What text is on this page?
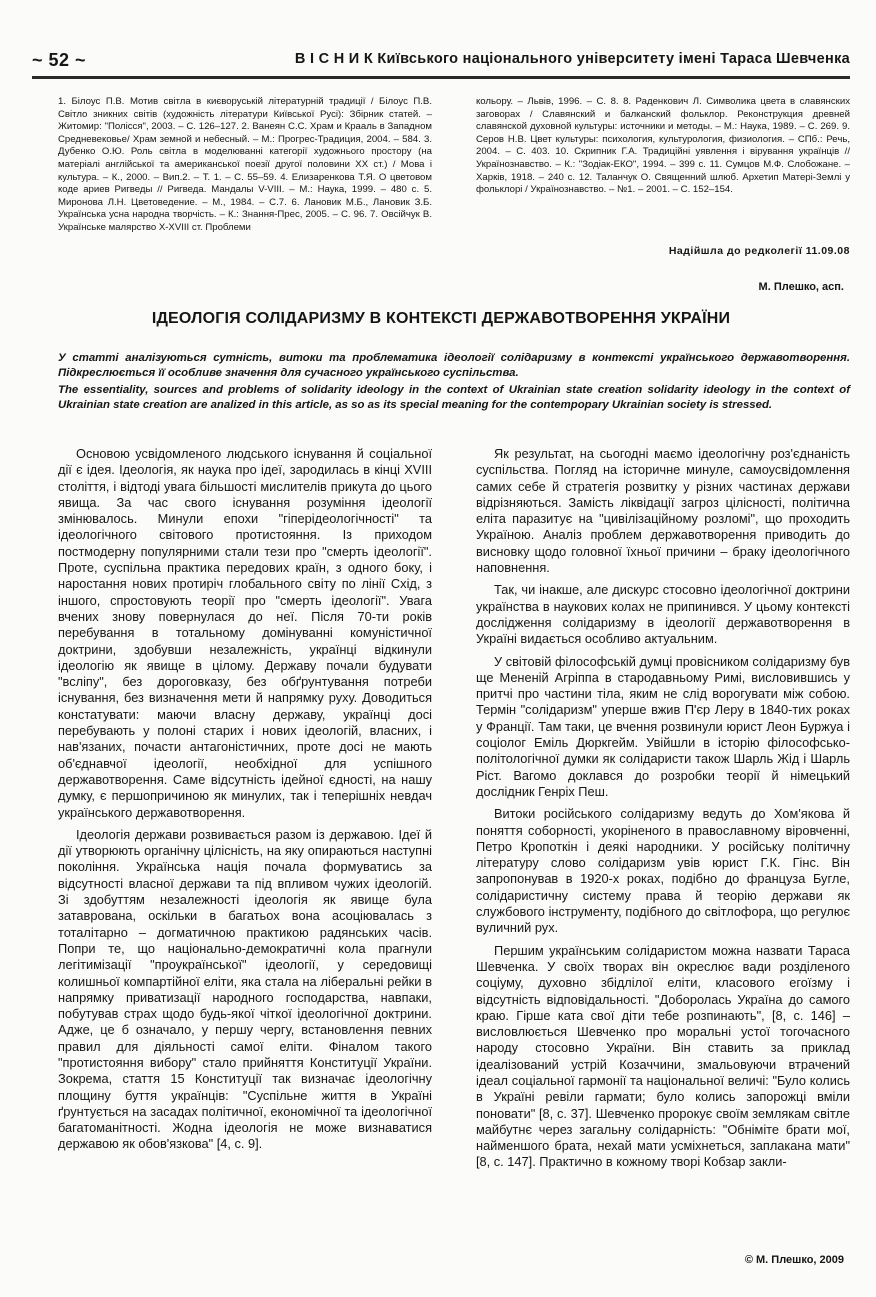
~ 52 ~	В І С Н И К Київського національного університету імені Тараса Шевченка

1. Білоус П.В. Мотив світла в києворуській літературній традиції / Білоус П.В. Світло зникних світів (художність літератури Київської Русі): Збірник статей. – Житомир: "Полісся", 2003. – С. 126–127. 2. Ванеян С.С. Храм и Крааль в Западном Средневековье/ Храм земной и небесный. – М.: Прогрес-Традиция, 2004. – 584. 3. Дубенко О.Ю. Роль світла в моделюванні категорії художнього простору (на матеріалі англійської та американської поезії другої половини ХХ ст.) / Мова і культура. – К., 2000. – Вип.2. – Т. 1. – С. 55–59. 4. Елизаренкова Т.Я. О цветовом коде ариев Ригведы // Ригведа. Мандалы V-VIII. – М.: Наука, 1999. – 480 с. 5. Миронова Л.Н. Цветоведение. – М., 1984. – С.7. 6. Лановик М.Б., Лановик З.Б. Українська усна народна творчість. – К.: Знання-Прес, 2005. – С. 96. 7. Овсійчук В. Українське малярство Х-XVIII ст. Проблеми

кольору. – Львів, 1996. – С. 8. 8. Раденкович Л. Символика цвета в славянских заговорах / Славянский и балканский фольклор. Реконструкция древней славянской духовной культуры: источники и методы. – М.: Наука, 1989. – С. 269. 9. Серов Н.В. Цвет культуры: психология, культурология, физиология. – СПб.: Речь, 2004. – С. 403. 10. Скрипник Г.А. Традиційні уявлення і вірування українців // Українознавство. – К.: "Зодіак-ЕКО", 1994. – 399 с. 11. Сумцов М.Ф. Слобожане. – Харків, 1918. – 240 с. 12. Таланчук О. Священний шлюб. Архетип Матері-Землі у фольклорі / Українознавство. – №1. – 2001. – С. 152–154.

Надійшла до редколегії 11.09.08
М. Плешко, асп.
ІДЕОЛОГІЯ СОЛІДАРИЗМУ В КОНТЕКСТІ ДЕРЖАВОТВОРЕННЯ УКРАЇНИ

У статті аналізуються сутність, витоки та проблематика ідеології солідаризму в контексті українського державотворення. Підкреслюється її особливе значення для сучасного українського суспільства.

The essentiality, sources and problems of solidarity ideology in the context of Ukrainian state creation solidarity ideology in the context of Ukrainian state creation are analized in this article, as so as its special meaning for the contempopary Ukrainian society is stressed.

Основою усвідомленого людського існування й соціальної дії є ідея. Ідеологія, як наука про ідеї, зародилась в кінці XVIII століття, і відтоді увага більшості мислителів прикута до цього явища. За час свого існування розуміння ідеології змінювалось. Минули епохи "гіперідеологічності" та ідеологічного світового протистояння. Із приходом постмодерну популярними стали тези про "смерть ідеології". Проте, суспільна практика передових країн, з одного боку, і наростання нових протиріч глобального світу по лінії Схід, з іншого, спростовують теорії про "смерть ідеології". Увага вчених знову повернулася до неї. Після 70-ти років перебування в тотальному домінуванні комуністичної доктрини, здобувши незалежність, українці відкинули ідеологію як явище в цілому. Державу почали будувати "всліпу", без дороговказу, без обґрунтування потреби існування, без визначення мети й напрямку руху. Доводиться констатувати: маючи власну державу, українці досі перебувають у полоні старих і нових ідеологій, власних, і нав'язаних, почасти антагоністичних, проте досі не мають об'єднавчої ідеології, необхідної для успішного державотворення. Саме відсутність ідейної єдності, на нашу думку, є першопричиною як минулих, так і теперішніх невдач українського державотворення.

Ідеологія держави розвивається разом із державою. Ідеї й дії утворюють органічну цілісність, на яку опираються наступні покоління. Українська нація почала формуватись за відсутності власної держави та під впливом чужих ідеологій. Зі здобуттям незалежності ідеологія як явище була затаврована, оскільки в багатьох вона асоціювалась з тоталітарно – догматичною практикою радянських часів. Попри те, що національно-демократичні кола прагнули легітимізації "проукраїнської" ідеології, у середовищі колишньої компартійної еліти, яка стала на ліберальні рейки в напрямку приватизації народного господарства, навпаки, побутував страх щодо будь-якої чіткої ідеологічної доктрини. Адже, це б означало, у першу чергу, встановлення певних правил для діяльності самої еліти. Фіналом такого "протистояння вибору" стало прийняття Конституції України. Зокрема, стаття 15 Конституції так визначає ідеологічну площину буття українців: "Суспільне життя в Україні ґрунтується на засадах політичної, економічної та ідеологічної багатоманітності. Жодна ідеологія не може визнаватися державою як обов'язкова" [4, с. 9].

Як результат, на сьогодні маємо ідеологічну роз'єднаність суспільства. Погляд на історичне минуле, самоусвідомлення самих себе й стратегія розвитку у різних частинах держави відрізняються. Замість ліквідації загроз цілісності, політична еліта паразитує на "цивілізаційному розломі", що проходить Україною. Аналіз проблем державотворення приводить до висновку щодо головної їхньої причини – браку ідеологічного наповнення.

Так, чи інакше, але дискурс стосовно ідеологічної доктрини українства в наукових колах не припинився. У цьому контексті дослідження солідаризму в ідеології державотворення в Україні видається особливо актуальним.

У світовій філософській думці провісником солідаризму був ще Мененій Агріппа в стародавньому Римі, висловившись у притчі про частини тіла, яким не слід ворогувати між собою. Термін "солідаризм" уперше вжив П'єр Леру в 1840-тих роках у Франції. Там таки, це вчення розвинули юрист Леон Буржуа і соціолог Еміль Дюркгейм. Увійшли в історію філософсько-політологічної думки як солідаристи також Шарль Жід і Шарль Ріст. Вагомо доклався до розробки теорії й німецький дослідник Генріх Пеш.

Витоки російського солідаризму ведуть до Хом'якова й поняття соборності, укоріненого в православному віровченні, Петро Кропоткін і деякі народники. У російську політичну літературу слово солідаризм увів юрист Г.К. Гінс. Він запропонував в 1920-х роках, подібно до француза Бугле, солідаристичну систему права й теорію держави як службового інструменту, подібного до світлофора, що регулює вуличний рух.

Першим українським солідаристом можна назвати Тараса Шевченка. У своїх творах він окреслює вади розділеного соціуму, духовно збідлілої еліти, класового егоїзму і відсутність відповідальності. "Доборолась Україна до самого краю. Гірше ката свої діти тебе розпинають", [8, с. 146] – висловлюється Шевченко про моральні устої тогочасного народу стосовно України. Він ставить за приклад ідеалізований устрій Козаччини, змальовуючи втрачений ідеал соціальної гармонії та національної величі: "Було колись в Україні ревіли гармати; було колись запорожці вміли поновати" [8, с. 37]. Шевченко пророкує своїм землякам світле майбутнє через загальну солідарність: "Обніміте брати мої, найменшого брата, нехай мати усміхнеться, заплакана мати" [8, с. 147]. Практично в кожному творі Кобзар закли-

© М. Плешко, 2009
